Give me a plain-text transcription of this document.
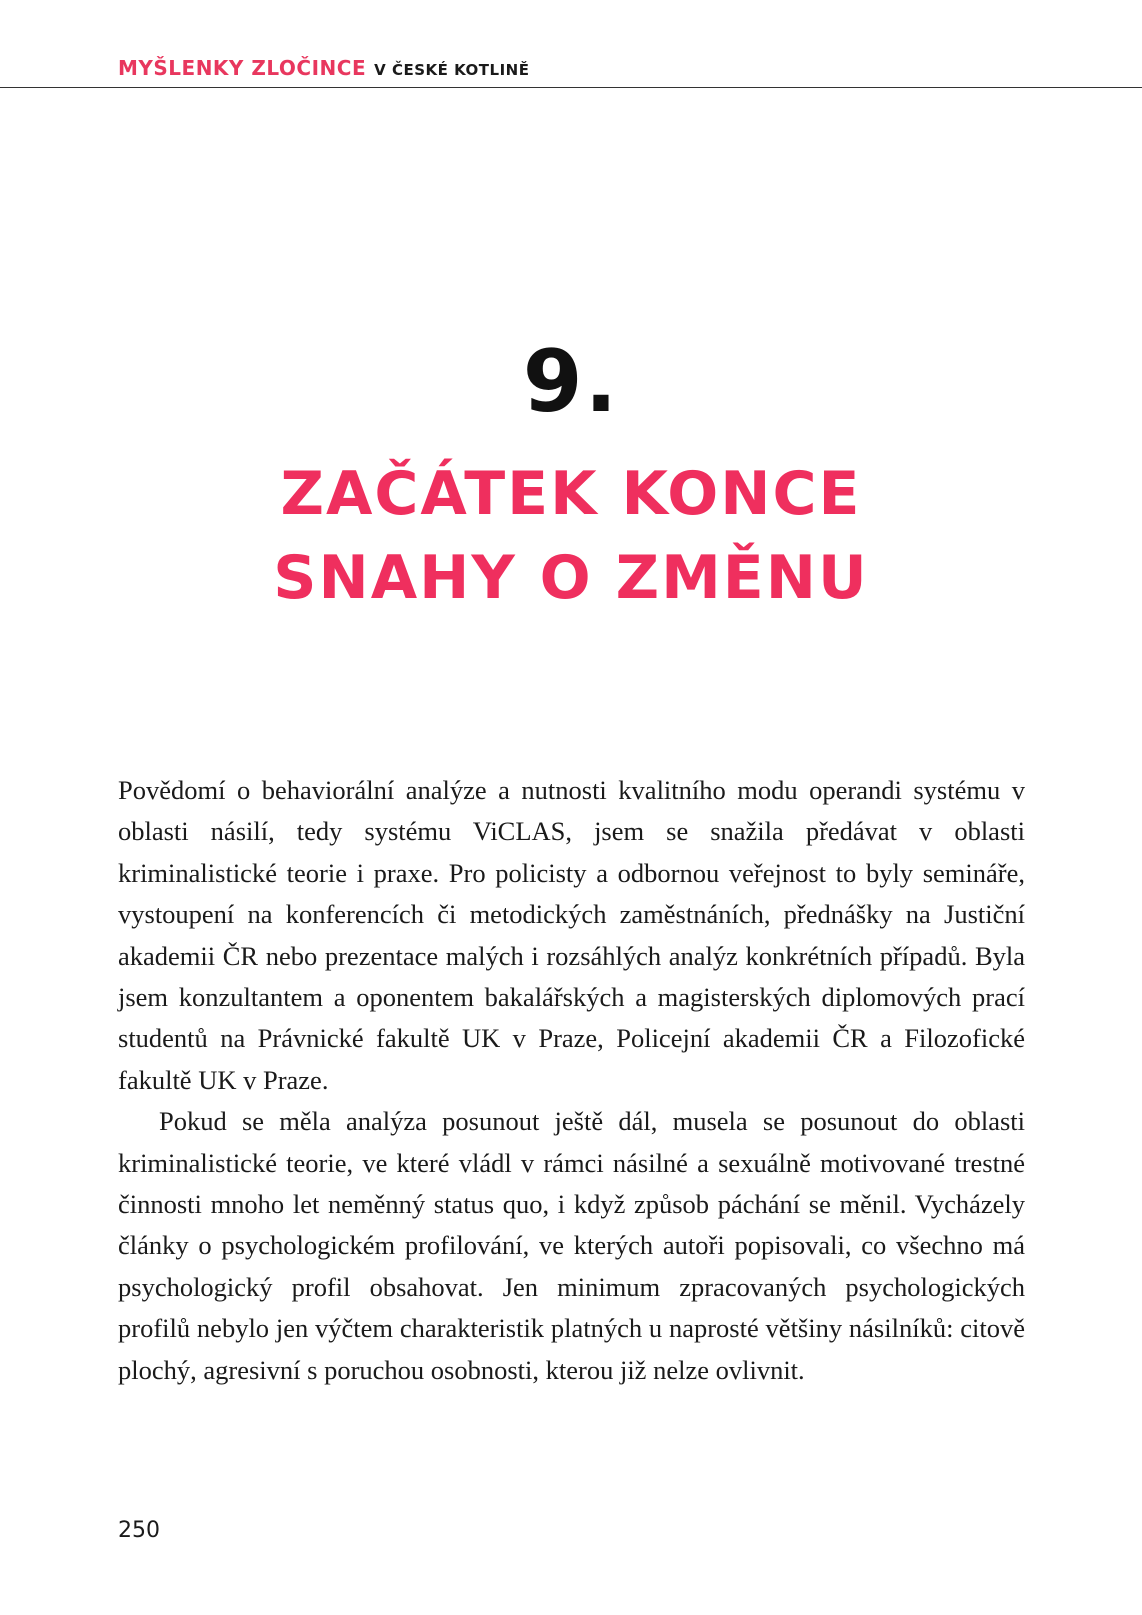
MYŠLENKY ZLOČINCE V ČESKÉ KOTLINĚ
9.
ZAČÁTEK KONCE
SNAHY O ZMĚNU

Povědomí o behaviorální analýze a nutnosti kvalitního modu operandi systému v oblasti násilí, tedy systému ViCLAS, jsem se snažila předávat v oblasti kriminalistické teorie i praxe. Pro policisty a odbornou veřejnost to byly semináře, vystoupení na konferencích či metodických zaměstnáních, přednášky na Justiční akademii ČR nebo prezentace malých i rozsáhlých analýz konkrétních případů. Byla jsem konzultantem a oponentem bakalářských a magisterských diplomových prací studentů na Právnické fakultě UK v Praze, Policejní akademii ČR a Filozofické fakultě UK v Praze.

Pokud se měla analýza posunout ještě dál, musela se posunout do oblasti kriminalistické teorie, ve které vládl v rámci násilné a sexuálně motivované trestné činnosti mnoho let neměnný status quo, i když způsob páchání se měnil. Vycházely články o psychologickém profilování, ve kterých autoři popisovali, co všechno má psychologický profil obsahovat. Jen minimum zpracovaných psychologických profilů nebylo jen výčtem charakteristik platných u naprosté většiny násilníků: citově plochý, agresivní s poruchou osobnosti, kterou již nelze ovlivnit.

250
